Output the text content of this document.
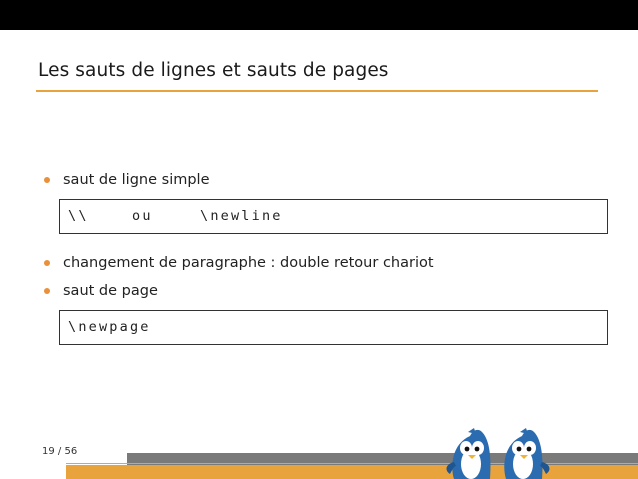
Les sauts de lignes et sauts de pages
saut de ligne simple
\\	ou	\newline
changement de paragraphe : double retour chariot
saut de page
\newpage
19 / 56
